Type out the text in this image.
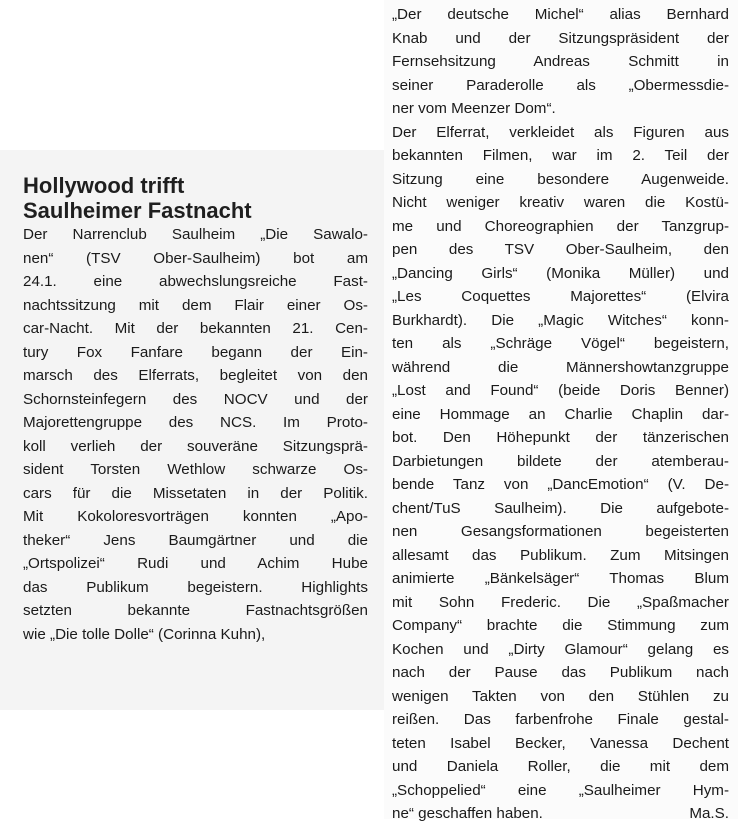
Hollywood trifft
Saulheimer Fastnacht
Der Narrenclub Saulheim „Die Sawalo-
nen“ (TSV Ober-Saulheim) bot am
24.1. eine abwechslungsreiche Fast-
nachtssitzung mit dem Flair einer Os-
car-Nacht. Mit der bekannten 21. Cen-
tury Fox Fanfare begann der Ein-
marsch des Elferrats, begleitet von den
Schornsteinfegern des NOCV und der
Majorettengruppe des NCS. Im Proto-
koll verlieh der souveräne Sitzungsprä-
sident Torsten Wethlow schwarze Os-
cars für die Missetaten in der Politik.
Mit Kokoloresvorträgen konnten „Apo-
theker“ Jens Baumgärtner und die
„Ortspolizei“ Rudi und Achim Hube
das Publikum begeistern. Highlights
setzten bekannte Fastnachtsgrößen
wie „Die tolle Dolle“ (Corinna Kuhn),
„Der deutsche Michel“ alias Bernhard
Knab und der Sitzungspräsident der
Fernsehsitzung Andreas Schmitt in
seiner Paraderolle als „Obermessdie-
ner vom Meenzer Dom“.
Der Elferrat, verkleidet als Figuren aus
bekannten Filmen, war im 2. Teil der
Sitzung eine besondere Augenweide.
Nicht weniger kreativ waren die Kostü-
me und Choreographien der Tanzgrup-
pen des TSV Ober-Saulheim, den
„Dancing Girls“ (Monika Müller) und
„Les Coquettes Majorettes“ (Elvira
Burkhardt). Die „Magic Witches“ konn-
ten als „Schräge Vögel“ begeistern,
während die Männershowtanzgruppe
„Lost and Found“ (beide Doris Benner)
eine Hommage an Charlie Chaplin dar-
bot. Den Höhepunkt der tänzerischen
Darbietungen bildete der atemberau-
bende Tanz von „DancEmotion“ (V. De-
chent/TuS Saulheim). Die aufgebote-
nen Gesangsformationen begeisterten
allesamt das Publikum. Zum Mitsingen
animierte „Bänkelsäger“ Thomas Blum
mit Sohn Frederic. Die „Spaßmacher
Company“ brachte die Stimmung zum
Kochen und „Dirty Glamour“ gelang es
nach der Pause das Publikum nach
wenigen Takten von den Stühlen zu
reißen. Das farbenfrohe Finale gestal-
teten Isabel Becker, Vanessa Dechent
und Daniela Roller, die mit dem
„Schoppelied“ eine „Saulheimer Hym-
ne“ geschaffen haben.	Ma.S.
